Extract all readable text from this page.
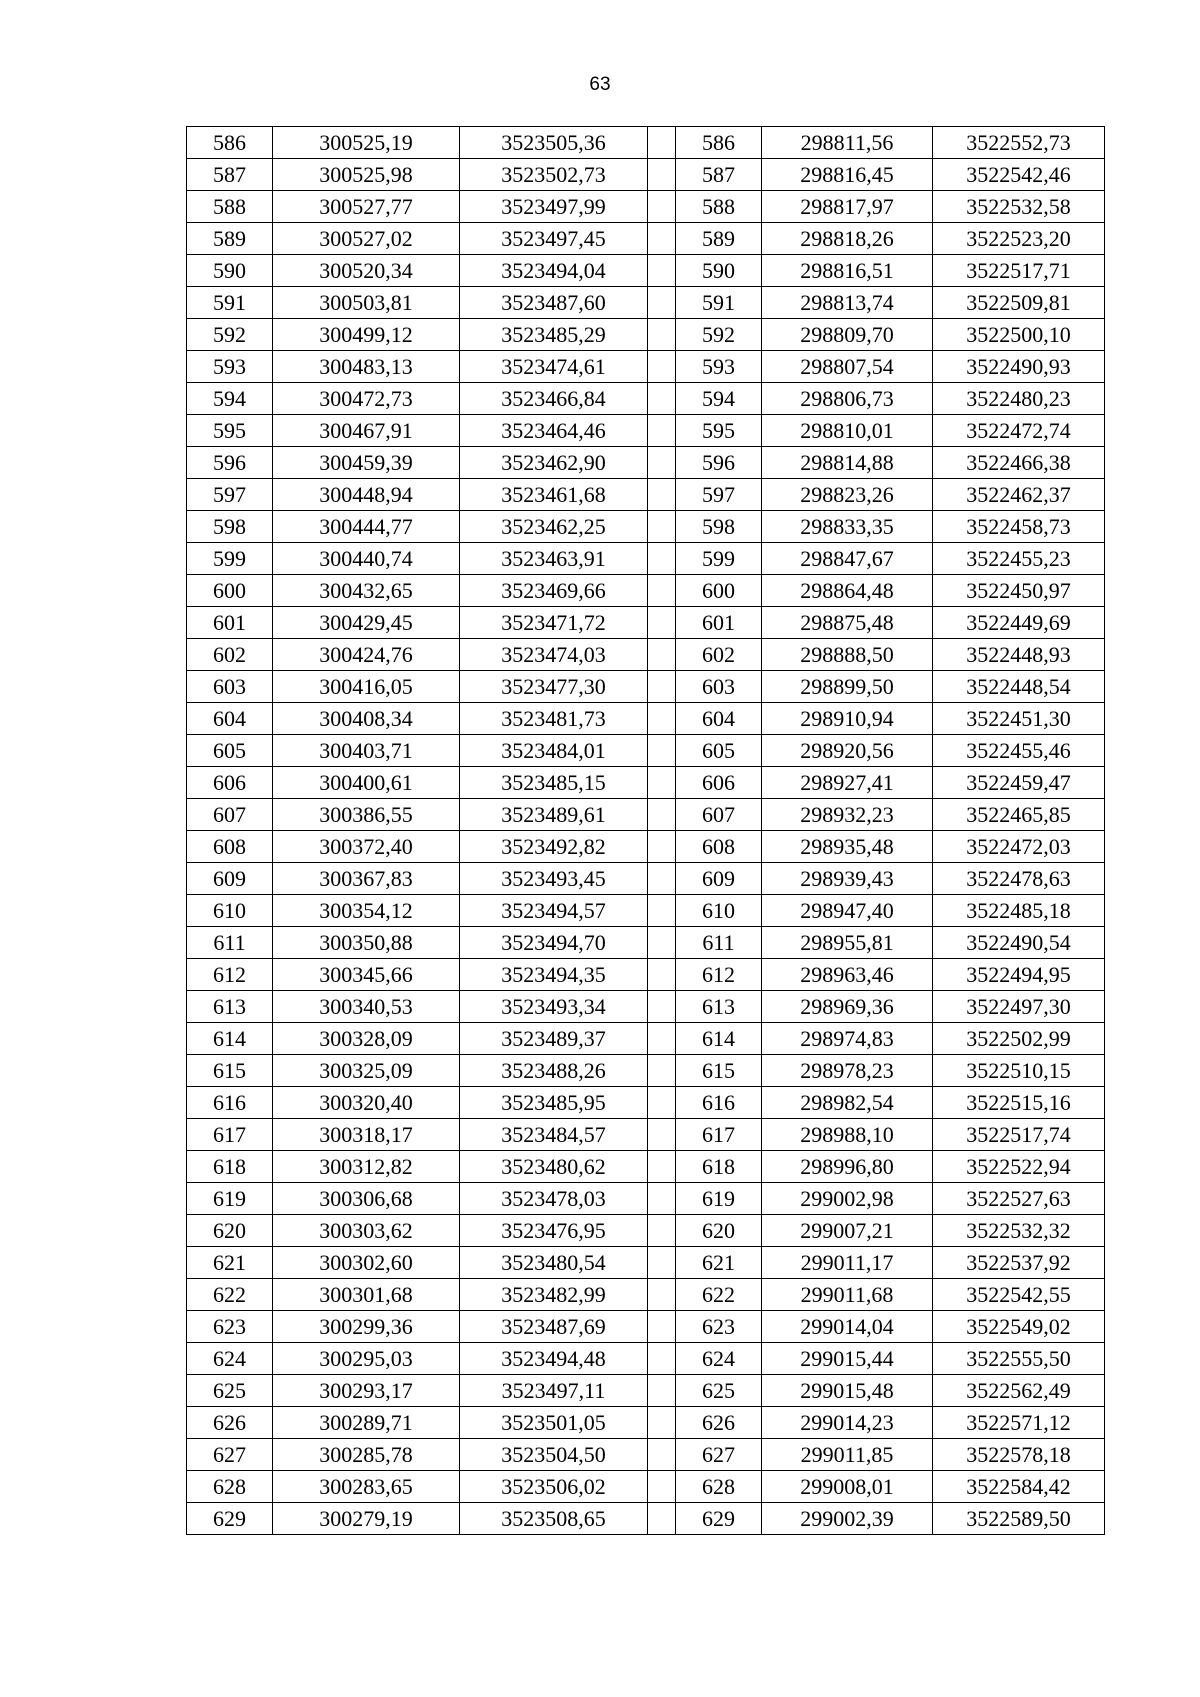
63
586	300525,19	3523505,36		586	298811,56	3522552,73
587	300525,98	3523502,73		587	298816,45	3522542,46
588	300527,77	3523497,99		588	298817,97	3522532,58
589	300527,02	3523497,45		589	298818,26	3522523,20
590	300520,34	3523494,04		590	298816,51	3522517,71
591	300503,81	3523487,60		591	298813,74	3522509,81
592	300499,12	3523485,29		592	298809,70	3522500,10
593	300483,13	3523474,61		593	298807,54	3522490,93
594	300472,73	3523466,84		594	298806,73	3522480,23
595	300467,91	3523464,46		595	298810,01	3522472,74
596	300459,39	3523462,90		596	298814,88	3522466,38
597	300448,94	3523461,68		597	298823,26	3522462,37
598	300444,77	3523462,25		598	298833,35	3522458,73
599	300440,74	3523463,91		599	298847,67	3522455,23
600	300432,65	3523469,66		600	298864,48	3522450,97
601	300429,45	3523471,72		601	298875,48	3522449,69
602	300424,76	3523474,03		602	298888,50	3522448,93
603	300416,05	3523477,30		603	298899,50	3522448,54
604	300408,34	3523481,73		604	298910,94	3522451,30
605	300403,71	3523484,01		605	298920,56	3522455,46
606	300400,61	3523485,15		606	298927,41	3522459,47
607	300386,55	3523489,61		607	298932,23	3522465,85
608	300372,40	3523492,82		608	298935,48	3522472,03
609	300367,83	3523493,45		609	298939,43	3522478,63
610	300354,12	3523494,57		610	298947,40	3522485,18
611	300350,88	3523494,70		611	298955,81	3522490,54
612	300345,66	3523494,35		612	298963,46	3522494,95
613	300340,53	3523493,34		613	298969,36	3522497,30
614	300328,09	3523489,37		614	298974,83	3522502,99
615	300325,09	3523488,26		615	298978,23	3522510,15
616	300320,40	3523485,95		616	298982,54	3522515,16
617	300318,17	3523484,57		617	298988,10	3522517,74
618	300312,82	3523480,62		618	298996,80	3522522,94
619	300306,68	3523478,03		619	299002,98	3522527,63
620	300303,62	3523476,95		620	299007,21	3522532,32
621	300302,60	3523480,54		621	299011,17	3522537,92
622	300301,68	3523482,99		622	299011,68	3522542,55
623	300299,36	3523487,69		623	299014,04	3522549,02
624	300295,03	3523494,48		624	299015,44	3522555,50
625	300293,17	3523497,11		625	299015,48	3522562,49
626	300289,71	3523501,05		626	299014,23	3522571,12
627	300285,78	3523504,50		627	299011,85	3522578,18
628	300283,65	3523506,02		628	299008,01	3522584,42
629	300279,19	3523508,65		629	299002,39	3522589,50
